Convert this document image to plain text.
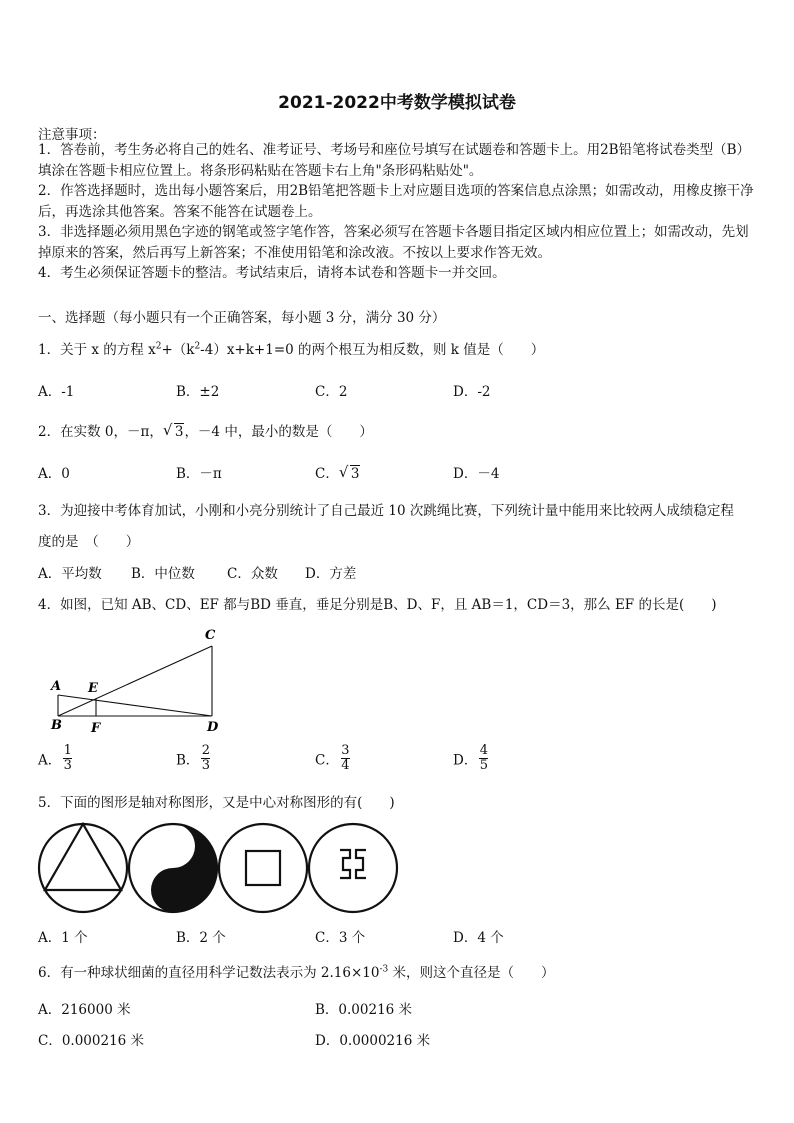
2021-2022中考数学模拟试卷
注意事项：
1．答卷前，考生务必将自己的姓名、准考证号、考场号和座位号填写在试题卷和答题卡上。用2B铅笔将试卷类型（B）填涂在答题卡相应位置上。将条形码粘贴在答题卡右上角"条形码粘贴处"。
2．作答选择题时，选出每小题答案后，用2B铅笔把答题卡上对应题目选项的答案信息点涂黑；如需改动，用橡皮擦干净后，再选涂其他答案。答案不能答在试题卷上。
3．非选择题必须用黑色字迹的钢笔或签字笔作答，答案必须写在答题卡各题目指定区域内相应位置上；如需改动，先划掉原来的答案，然后再写上新答案；不准使用铅笔和涂改液。不按以上要求作答无效。
4．考生必须保证答题卡的整洁。考试结束后，请将本试卷和答题卡一并交回。
一、选择题（每小题只有一个正确答案，每小题 3 分，满分 30 分）
1．关于 x 的方程 $x^2+(k^2-4)x+k+1=0$ 的两个根互为相反数，则 k 值是（　　）
A．-1	B．±2	C．2	D．-2
2．在实数 0，－π， √ 3，－4 中，最小的数是（　　）
A．0	B．－π	C． √ 3	D．－4
3．为迎接中考体育加试，小刚和小亮分别统计了自己最近 10 次跳绳比赛，下列统计量中能用来比较两人成绩稳定程
度的是　（　　）
A．平均数 B．中位数 C．众数 D．方差
4．如图，已知 AB、CD、EF 都与BD 垂直，垂足分别是B、D、F，且 AB＝1，CD＝3，那么 EF 的长是(　　)
A
B
C
D
E
F
A． $\frac{1}{3}$	B． $\frac{2}{3}$	C． $\frac{3}{4}$	D． $\frac{4}{5}$
5．下面的图形是轴对称图形，又是中心对称图形的有(　　)
A．1 个	B．2 个	C．3 个	D．4 个
6．有一种球状细菌的直径用科学记数法表示为 $2.16\times 10^{-3}$ 米，则这个直径是（　　）
A．216000 米	B．0.00216 米
C．0.000216 米	D．0.0000216 米
